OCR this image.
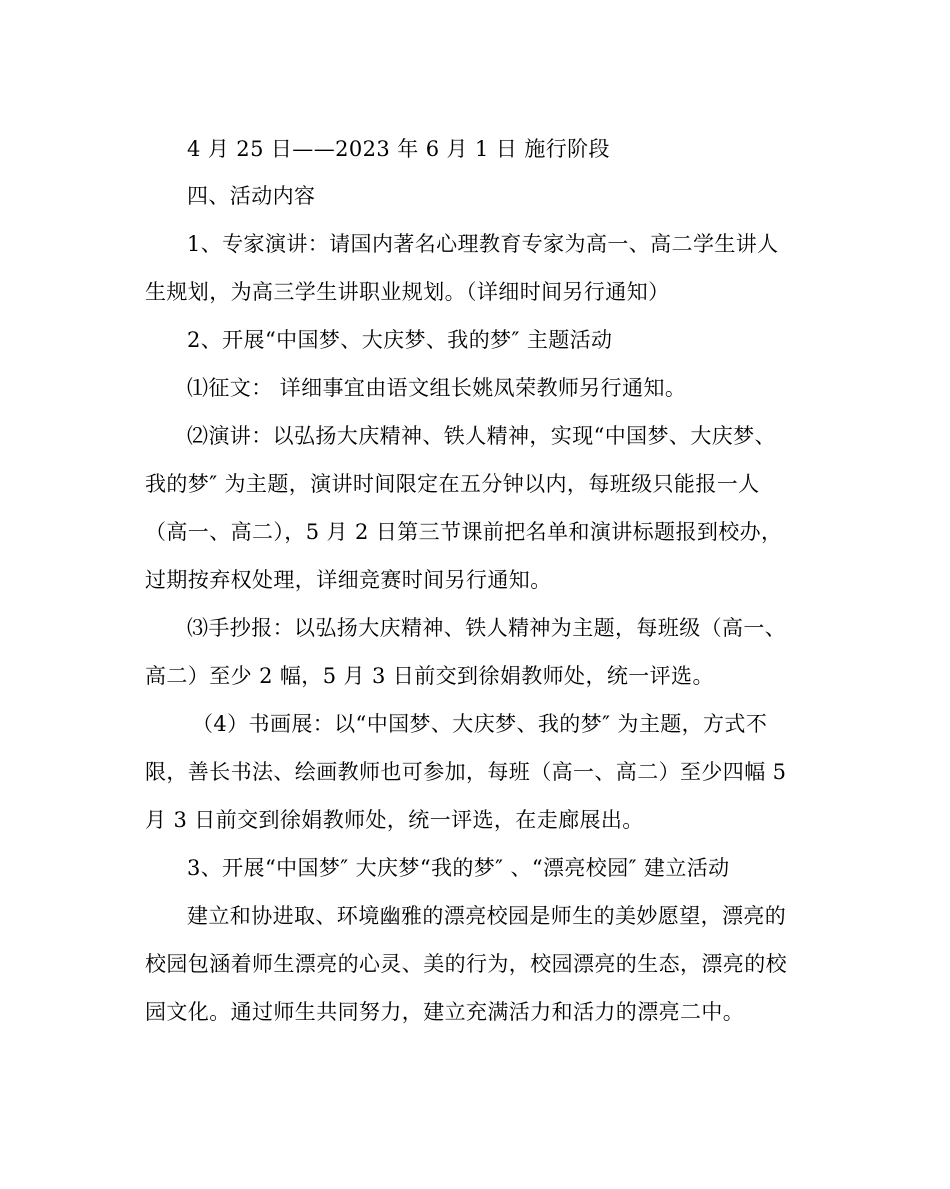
4 月 25 日——2023 年 6 月 1 日 施行阶段
四、活动内容
1、专家演讲：请国内著名心理教育专家为高一、高二学生讲人
生规划，为高三学生讲职业规划。（详细时间另行通知）
2、开展“中国梦、大庆梦、我的梦″ 主题活动
⑴征文： 详细事宜由语文组长姚凤荣教师另行通知。
⑵演讲：以弘扬大庆精神、铁人精神，实现“中国梦、大庆梦、
我的梦″ 为主题，演讲时间限定在五分钟以内，每班级只能报一人
（高一、高二），5 月 2 日第三节课前把名单和演讲标题报到校办，
过期按弃权处理，详细竞赛时间另行通知。
⑶手抄报：以弘扬大庆精神、铁人精神为主题，每班级（高一、
高二）至少 2 幅，5 月 3 日前交到徐娟教师处，统一评选。
（4）书画展：以“中国梦、大庆梦、我的梦″ 为主题，方式不
限，善长书法、绘画教师也可参加，每班（高一、高二）至少四幅 5
月 3 日前交到徐娟教师处，统一评选，在走廊展出。
3、开展“中国梦″ 大庆梦“我的梦″ 、“漂亮校园″ 建立活动
建立和协进取、环境幽雅的漂亮校园是师生的美妙愿望，漂亮的
校园包涵着师生漂亮的心灵、美的行为，校园漂亮的生态，漂亮的校
园文化。通过师生共同努力，建立充满活力和活力的漂亮二中。
